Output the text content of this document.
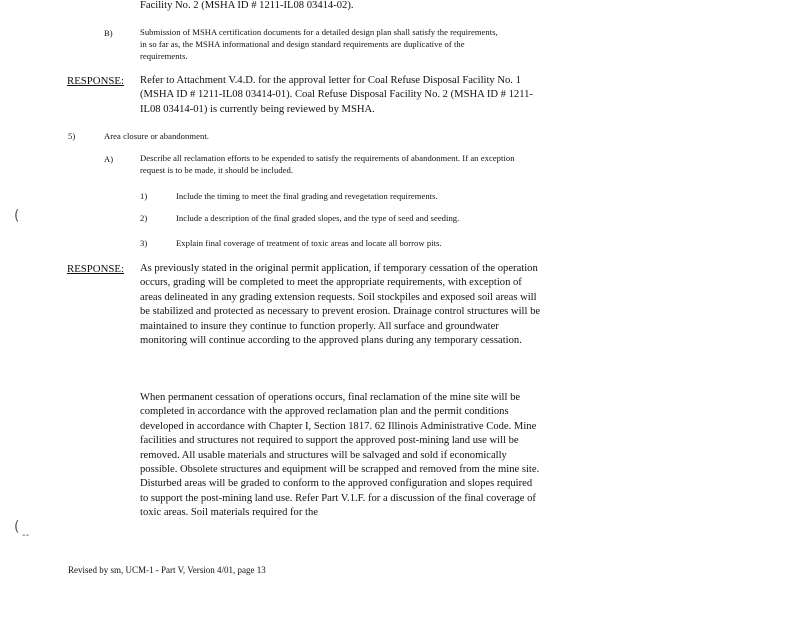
Facility No. 2 (MSHA ID # 1211-IL08 03414-02).
B)	Submission of MSHA certification documents for a detailed design plan shall satisfy the requirements, in so far as, the MSHA informational and design standard requirements are duplicative of the requirements.
RESPONSE: Refer to Attachment V.4.D. for the approval letter for Coal Refuse Disposal Facility No. 1 (MSHA ID # 1211-IL08 03414-01). Coal Refuse Disposal Facility No. 2 (MSHA ID # 1211-IL08 03414-01) is currently being reviewed by MSHA.
5)	Area closure or abandonment.
A)	Describe all reclamation efforts to be expended to satisfy the requirements of abandonment. If an exception request is to be made, it should be included.
1)	Include the timing to meet the final grading and revegetation requirements.
2)	Include a description of the final graded slopes, and the type of seed and seeding.
3)	Explain final coverage of treatment of toxic areas and locate all borrow pits.
RESPONSE: As previously stated in the original permit application, if temporary cessation of the operation occurs, grading will be completed to meet the appropriate requirements, with exception of areas delineated in any grading extension requests. Soil stockpiles and exposed soil areas will be stabilized and protected as necessary to prevent erosion. Drainage control structures will be maintained to insure they continue to function properly. All surface and groundwater monitoring will continue according to the approved plans during any temporary cessation.
When permanent cessation of operations occurs, final reclamation of the mine site will be completed in accordance with the approved reclamation plan and the permit conditions developed in accordance with Chapter I, Section 1817. 62 Illinois Administrative Code. Mine facilities and structures not required to support the approved post-mining land use will be removed. All usable materials and structures will be salvaged and sold if economically possible. Obsolete structures and equipment will be scrapped and removed from the mine site. Disturbed areas will be graded to conform to the approved configuration and slopes required to support the post-mining land use. Refer Part V.1.F. for a discussion of the final coverage of toxic areas. Soil materials required for the
Revised by sm, UCM-1 - Part V, Version 4/01, page 13
(
(
--
